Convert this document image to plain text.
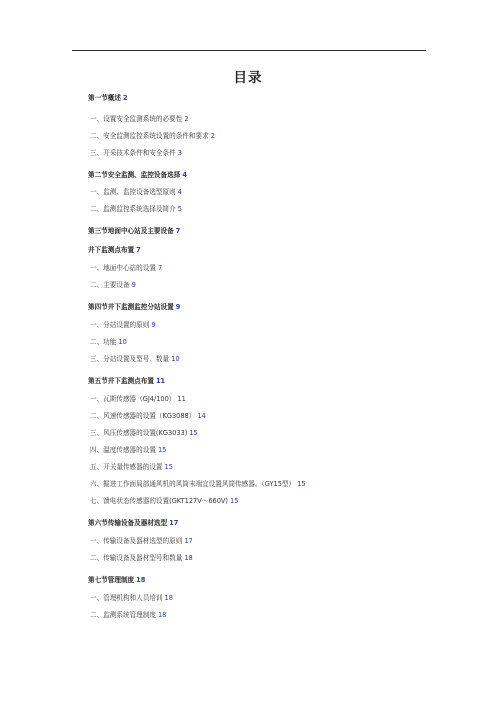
目录
第一节概述 2
一、设置安全监测系统的必要性 2
二、安全监测监控系统设置的条件和要求 2
三、开采技术条件和安全条件 3
第二节安全监测、监控设备选择 4
一、监测、监控设备选型原则 4
二、监测监控系统选择及简介 5
第三节地面中心站及主要设备 7
井下监测点布置 7
一、地面中心站的设置 7
二、主要设备 9
第四节井下监测监控分站设置 9
一、分站设置的原则 9
二、功能 10
三、分站设置及型号、数量 10
第五节井下监测点布置 11
一、瓦斯传感器（GJ4/100） 11
二、风速传感器的设置（KG3088） 14
三、风压传感器的设置(KG3033) 15
四、温度传感器的设置 15
五、开关量传感器的设置 15
六、掘进工作面局部通风机的风筒末端宜设置风筒传感器。（GY15型） 15
七、馈电状态传感器的设置(GKT127V～660V) 15
第六节传输设备及器材选型 17
一、传输设备及器材选型的原则 17
二、传输设备及器材型号和数量 18
第七节管理制度 18
一、管理机构和人员培训 18
二、监测系统管理制度 18
